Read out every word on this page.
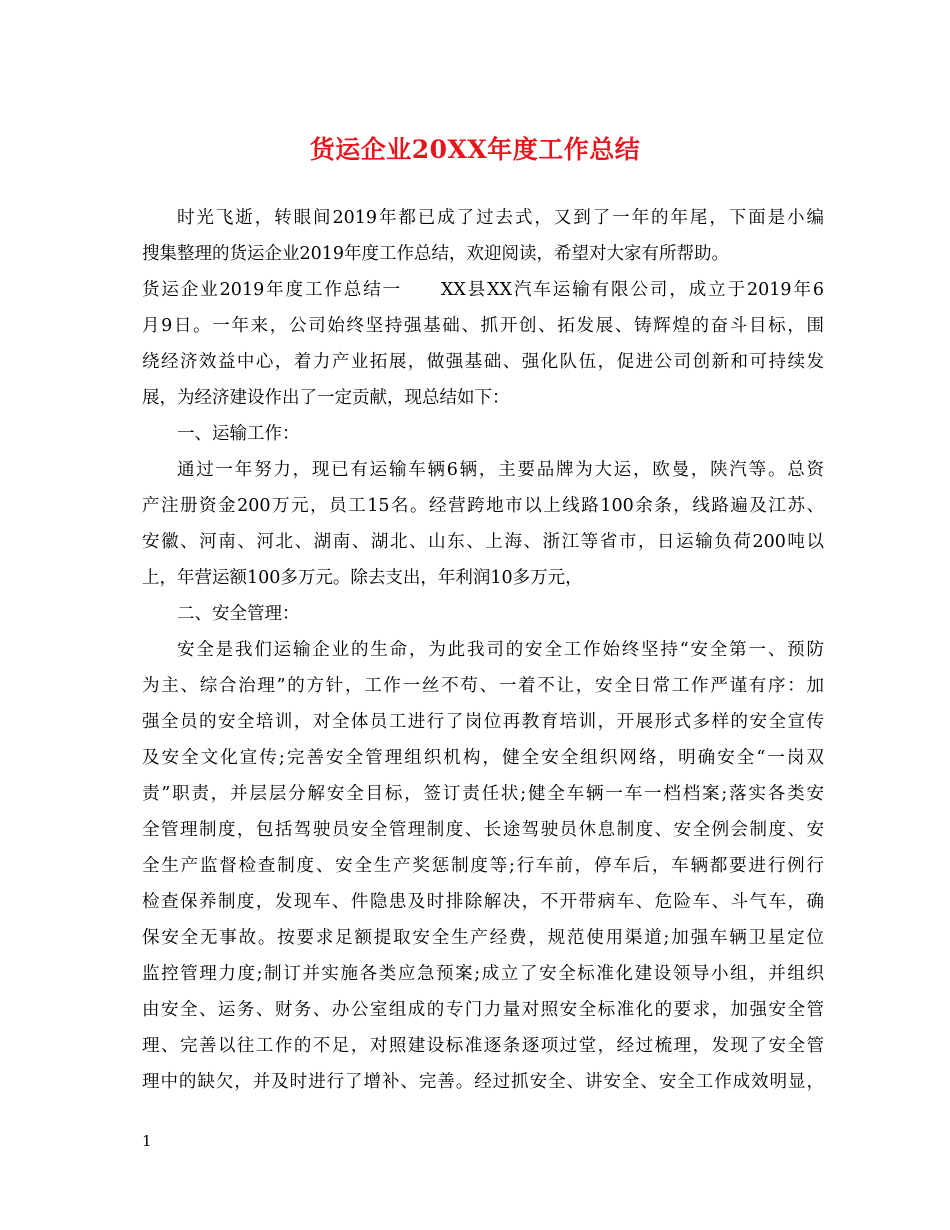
货运企业20XX年度工作总结
时光飞逝，转眼间2019年都已成了过去式，又到了一年的年尾，下面是小编
搜集整理的货运企业2019年度工作总结，欢迎阅读，希望对大家有所帮助。
货运企业2019年度工作总结一　　XX县XX汽车运输有限公司，成立于2019年6
月9日。一年来，公司始终坚持强基础、抓开创、拓发展、铸辉煌的奋斗目标，围
绕经济效益中心，着力产业拓展，做强基础、强化队伍，促进公司创新和可持续发
展，为经济建设作出了一定贡献，现总结如下：
一、运输工作：
通过一年努力，现已有运输车辆6辆，主要品牌为大运，欧曼，陕汽等。总资
产注册资金200万元，员工15名。经营跨地市以上线路100余条，线路遍及江苏、
安徽、河南、河北、湖南、湖北、山东、上海、浙江等省市，日运输负荷200吨以
上，年营运额100多万元。除去支出，年利润10多万元，
二、安全管理：
安全是我们运输企业的生命，为此我司的安全工作始终坚持“安全第一、预防
为主、综合治理”的方针，工作一丝不苟、一着不让，安全日常工作严谨有序：加
强全员的安全培训，对全体员工进行了岗位再教育培训，开展形式多样的安全宣传
及安全文化宣传;完善安全管理组织机构，健全安全组织网络，明确安全“一岗双
责”职责，并层层分解安全目标，签订责任状;健全车辆一车一档档案;落实各类安
全管理制度，包括驾驶员安全管理制度、长途驾驶员休息制度、安全例会制度、安
全生产监督检查制度、安全生产奖惩制度等;行车前，停车后，车辆都要进行例行
检查保养制度，发现车、件隐患及时排除解决，不开带病车、危险车、斗气车，确
保安全无事故。按要求足额提取安全生产经费，规范使用渠道;加强车辆卫星定位
监控管理力度;制订并实施各类应急预案;成立了安全标准化建设领导小组，并组织
由安全、运务、财务、办公室组成的专门力量对照安全标准化的要求，加强安全管
理、完善以往工作的不足，对照建设标准逐条逐项过堂，经过梳理，发现了安全管
理中的缺欠，并及时进行了增补、完善。经过抓安全、讲安全、安全工作成效明显，
1
